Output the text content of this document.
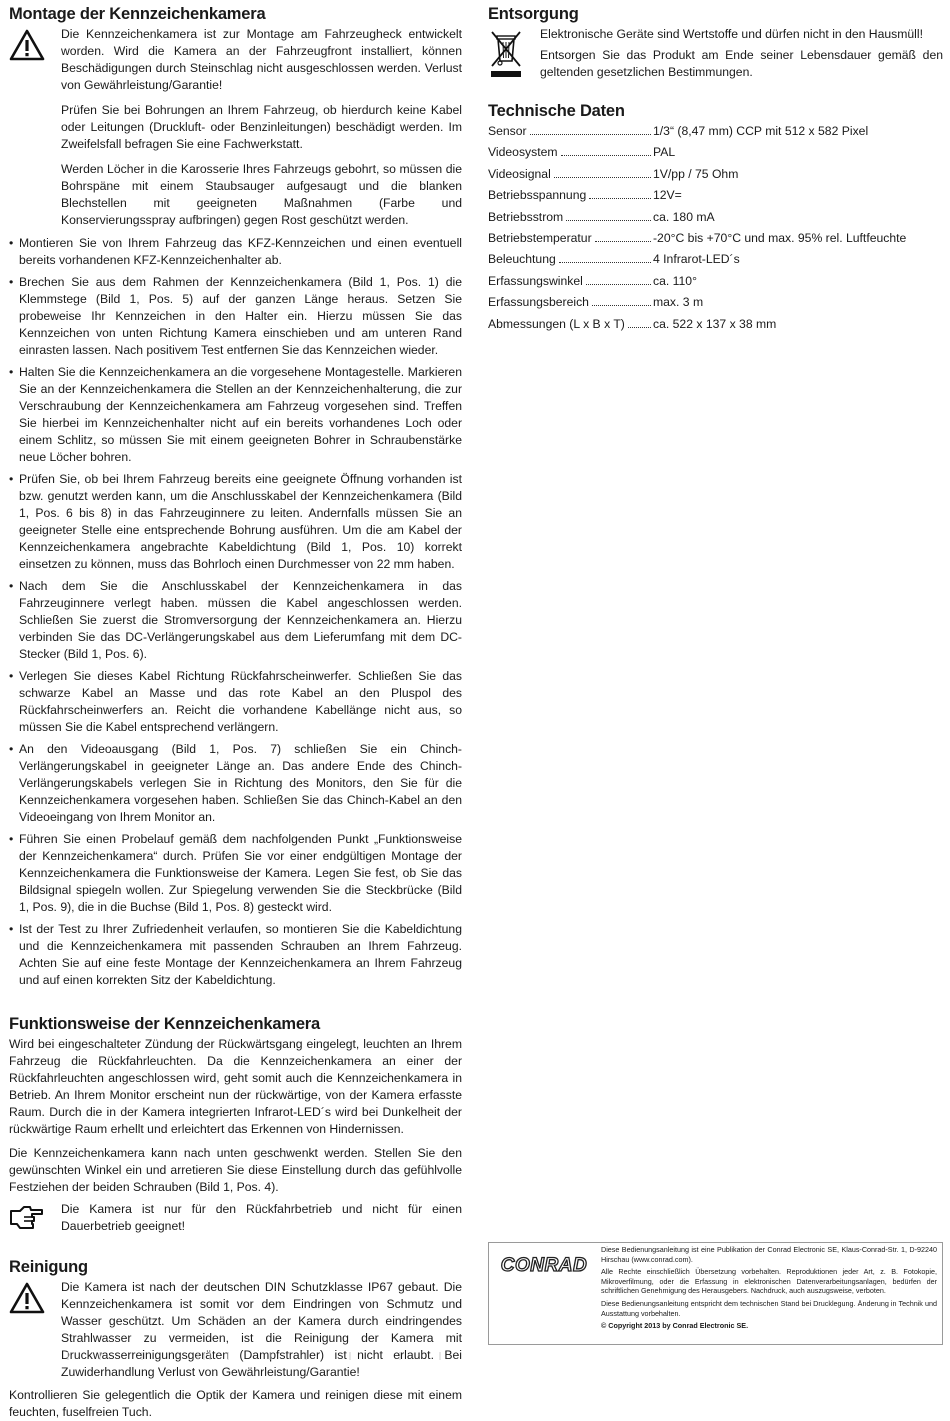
Montage der Kennzeichenkamera

Die Kennzeichenkamera ist zur Montage am Fahrzeugheck entwickelt worden. Wird die Kamera an der Fahrzeugfront installiert, können Beschädigungen durch Steinschlag nicht ausgeschlossen werden. Verlust von Gewährleistung/Garantie!

Prüfen Sie bei Bohrungen an Ihrem Fahrzeug, ob hierdurch keine Kabel oder Leitungen (Druckluft- oder Benzinleitungen) beschädigt werden. Im Zweifelsfall befragen Sie eine Fachwerkstatt.

Werden Löcher in die Karosserie Ihres Fahrzeugs gebohrt, so müssen die Bohrspäne mit einem Staubsauger aufgesaugt und die blanken Blechstellen mit geeigneten Maßnahmen (Farbe und Konservierungsspray aufbringen) gegen Rost geschützt werden.

• Montieren Sie von Ihrem Fahrzeug das KFZ-Kennzeichen und einen eventuell bereits vorhandenen KFZ-Kennzeichenhalter ab.
• Brechen Sie aus dem Rahmen der Kennzeichenkamera (Bild 1, Pos. 1) die Klemmstege (Bild 1, Pos. 5) auf der ganzen Länge heraus. Setzen Sie probeweise Ihr Kennzeichen in den Halter ein. Hierzu müssen Sie das Kennzeichen von unten Richtung Kamera einschieben und am unteren Rand einrasten lassen. Nach positivem Test entfernen Sie das Kennzeichen wieder.
• Halten Sie die Kennzeichenkamera an die vorgesehene Montagestelle. Markieren Sie an der Kennzeichenkamera die Stellen an der Kennzeichenhalterung, die zur Verschraubung der Kennzeichenkamera am Fahrzeug vorgesehen sind. Treffen Sie hierbei im Kennzeichenhalter nicht auf ein bereits vorhandenes Loch oder einem Schlitz, so müssen Sie mit einem geeigneten Bohrer in Schraubenstärke neue Löcher bohren.
• Prüfen Sie, ob bei Ihrem Fahrzeug bereits eine geeignete Öffnung vorhanden ist bzw. genutzt werden kann, um die Anschlusskabel der Kennzeichenkamera (Bild 1, Pos. 6 bis 8) in das Fahrzeuginnere zu leiten. Andernfalls müssen Sie an geeigneter Stelle eine entsprechende Bohrung ausführen. Um die am Kabel der Kennzeichenkamera angebrachte Kabeldichtung (Bild 1, Pos. 10) korrekt einsetzen zu können, muss das Bohrloch einen Durchmesser von 22 mm haben.
• Nach dem Sie die Anschlusskabel der Kennzeichenkamera in das Fahrzeuginnere verlegt haben. müssen die Kabel angeschlossen werden. Schließen Sie zuerst die Stromversorgung der Kennzeichenkamera an. Hierzu verbinden Sie das DC-Verlängerungskabel aus dem Lieferumfang mit dem DC-Stecker (Bild 1, Pos. 6).
• Verlegen Sie dieses Kabel Richtung Rückfahrscheinwerfer. Schließen Sie das schwarze Kabel an Masse und das rote Kabel an den Pluspol des Rückfahrscheinwerfers an. Reicht die vorhandene Kabellänge nicht aus, so müssen Sie die Kabel entsprechend verlängern.
• An den Videoausgang (Bild 1, Pos. 7) schließen Sie ein Chinch-Verlängerungskabel in geeigneter Länge an. Das andere Ende des Chinch-Verlängerungskabels verlegen Sie in Richtung des Monitors, den Sie für die Kennzeichenkamera vorgesehen haben. Schließen Sie das Chinch-Kabel an den Videoeingang von Ihrem Monitor an.
• Führen Sie einen Probelauf gemäß dem nachfolgenden Punkt „Funktionsweise der Kennzeichenkamera“ durch. Prüfen Sie vor einer endgültigen Montage der Kennzeichenkamera die Funktionsweise der Kamera. Legen Sie fest, ob Sie das Bildsignal spiegeln wollen. Zur Spiegelung verwenden Sie die Steckbrücke (Bild 1, Pos. 9), die in die Buchse (Bild 1, Pos. 8) gesteckt wird.
• Ist der Test zu Ihrer Zufriedenheit verlaufen, so montieren Sie die Kabeldichtung und die Kennzeichenkamera mit passenden Schrauben an Ihrem Fahrzeug. Achten Sie auf eine feste Montage der Kennzeichenkamera an Ihrem Fahrzeug und auf einen korrekten Sitz der Kabeldichtung.
Funktionsweise der Kennzeichenkamera

Wird bei eingeschalteter Zündung der Rückwärtsgang eingelegt, leuchten an Ihrem Fahrzeug die Rückfahrleuchten. Da die Kennzeichenkamera an einer der Rückfahrleuchten angeschlossen wird, geht somit auch die Kennzeichenkamera in Betrieb. An Ihrem Monitor erscheint nun der rückwärtige, von der Kamera erfasste Raum. Durch die in der Kamera integrierten Infrarot-LED´s wird bei Dunkelheit der rückwärtige Raum erhellt und erleichtert das Erkennen von Hindernissen.

Die Kennzeichenkamera kann nach unten geschwenkt werden. Stellen Sie den gewünschten Winkel ein und arretieren Sie diese Einstellung durch das gefühlvolle Festziehen der beiden Schrauben (Bild 1, Pos. 4).

Die Kamera ist nur für den Rückfahrbetrieb und nicht für einen Dauerbetrieb geeignet!

Reinigung

Die Kamera ist nach der deutschen DIN Schutzklasse IP67 gebaut. Die Kennzeichenkamera ist somit vor dem Eindringen von Schmutz und Wasser geschützt. Um Schäden an der Kamera durch eindringendes Strahlwasser zu vermeiden, ist die Reinigung der Kamera mit Druckwasserreinigungsgeräten (Dampfstrahler) ist nicht erlaubt. Bei Zuwiderhandlung Verlust von Gewährleistung/Garantie!

Kontrollieren Sie gelegentlich die Optik der Kamera und reinigen diese mit einem feuchten, fuselfreien Tuch.

Entsorgung

Elektronische Geräte sind Wertstoffe und dürfen nicht in den Hausmüll!

Entsorgen Sie das Produkt am Ende seiner Lebensdauer gemäß den geltenden gesetzlichen Bestimmungen.

Technische Daten
Sensor	1/3“ (8,47 mm) CCP mit 512 x 582 Pixel
Videosystem	PAL
Videosignal	1V/pp / 75 Ohm
Betriebsspannung	12V=
Betriebsstrom	ca. 180 mA
Betriebstemperatur	-20°C bis +70°C und max. 95% rel. Luftfeuchte
Beleuchtung	4 Infrarot-LED´s
Erfassungswinkel	ca. 110°
Erfassungsbereich	max. 3 m
Abmessungen (L x B x T) ca. 522 x 137 x 38 mm
CONRAD

Diese Bedienungsanleitung ist eine Publikation der Conrad Electronic SE, Klaus-Conrad-Str. 1, D-92240 Hirschau (www.conrad.com).

Alle Rechte einschließlich Übersetzung vorbehalten. Reproduktionen jeder Art, z. B. Fotokopie, Mikroverfilmung, oder die Erfassung in elektronischen Datenverarbeitungsanlagen, bedürfen der schriftlichen Genehmigung des Herausgebers. Nachdruck, auch auszugsweise, verboten.

Diese Bedienungsanleitung entspricht dem technischen Stand bei Drucklegung. Änderung in Technik und Ausstattung vorbehalten.

© Copyright 2013 by Conrad Electronic SE.
